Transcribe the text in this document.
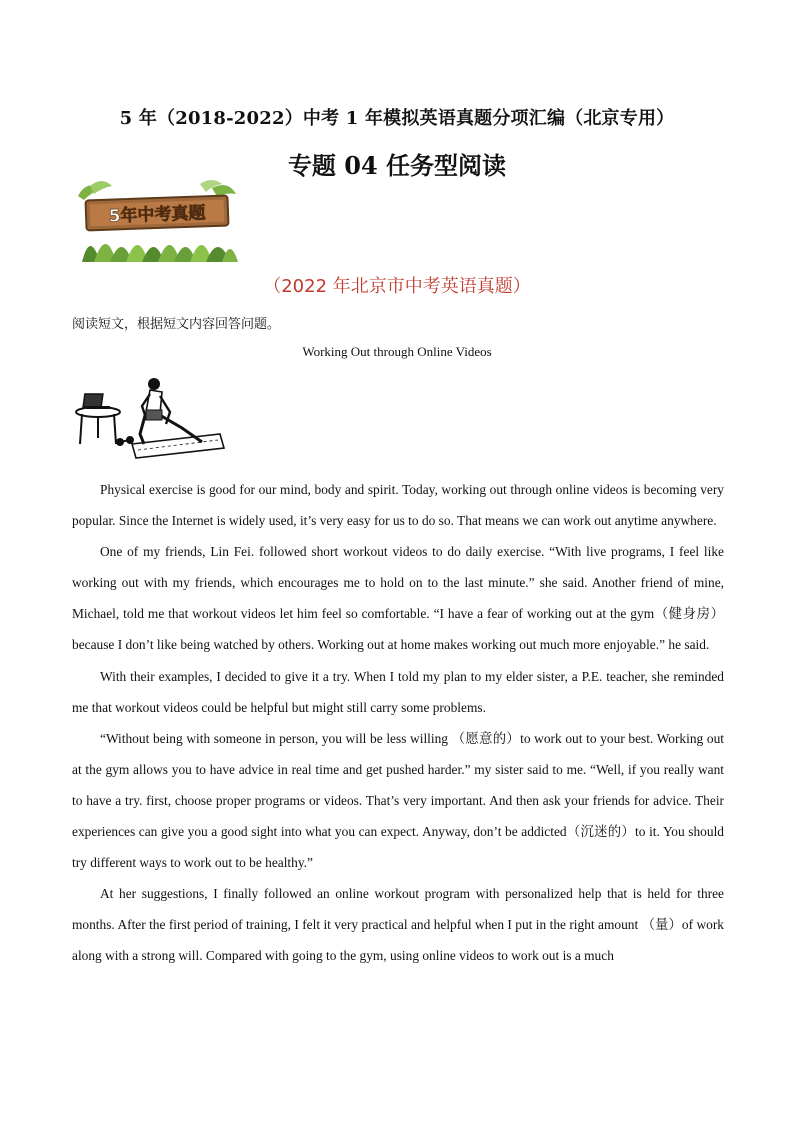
5 年（2018-2022）中考 1 年模拟英语真题分项汇编（北京专用）
专题 04 任务型阅读
5年中考真题
（2022 年北京市中考英语真题）
阅读短文，根据短文内容回答问题。
Working Out through Online Videos

Physical exercise is good for our mind, body and spirit. Today, working out through online videos is becoming very popular. Since the Internet is widely used, it’s very easy for us to do so. That means we can work out anytime anywhere.

One of my friends, Lin Fei. followed short workout videos to do daily exercise. “With live programs, I feel like working out with my friends, which encourages me to hold on to the last minute.” she said. Another friend of mine, Michael, told me that workout videos let him feel so comfortable. “I have a fear of working out at the gym（健身房）because I don’t like being watched by others. Working out at home makes working out much more enjoyable.” he said.

With their examples, I decided to give it a try. When I told my plan to my elder sister, a P.E. teacher, she reminded me that workout videos could be helpful but might still carry some problems.

“Without being with someone in person, you will be less willing （愿意的）to work out to your best. Working out at the gym allows you to have advice in real time and get pushed harder.” my sister said to me. “Well, if you really want to have a try. first, choose proper programs or videos. That’s very important. And then ask your friends for advice. Their experiences can give you a good sight into what you can expect. Anyway, don’t be addicted（沉迷的）to it. You should try different ways to work out to be healthy.”

At her suggestions, I finally followed an online workout program with personalized help that is held for three months. After the first period of training, I felt it very practical and helpful when I put in the right amount （量）of work along with a strong will. Compared with going to the gym, using online videos to work out is a much
